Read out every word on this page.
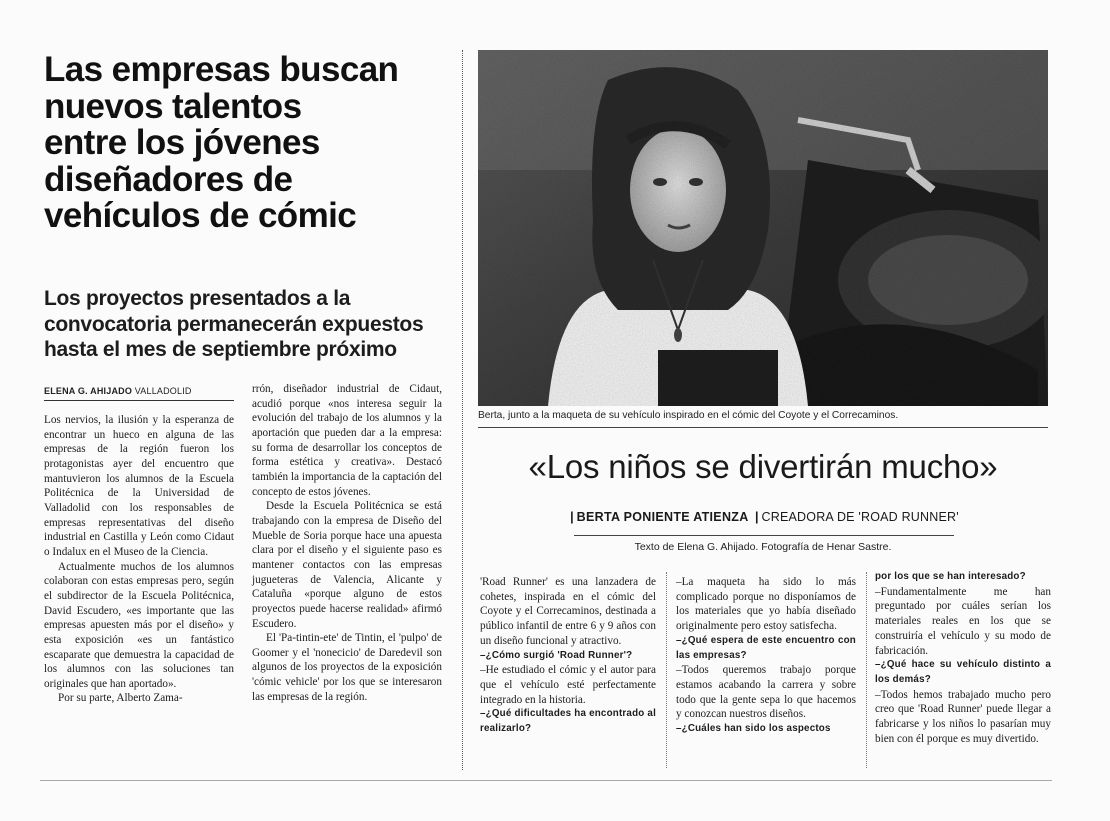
Las empresas buscan
nuevos talentos
entre los jóvenes
diseñadores de
vehículos de cómic
Los proyectos presentados a la
convocatoria permanecerán expuestos
hasta el mes de septiembre próximo
ELENA G. AHIJADO VALLADOLID

Los nervios, la ilusión y la esperanza de encontrar un hueco en alguna de las empresas de la región fueron los protagonistas ayer del encuentro que mantuvieron los alumnos de la Escuela Politécnica de la Universidad de Valladolid con los responsables de empresas representativas del diseño industrial en Castilla y León como Cidaut o Indalux en el Museo de la Ciencia.

Actualmente muchos de los alumnos colaboran con estas empresas pero, según el subdirector de la Escuela Politécnica, David Escudero, «es importante que las empresas apuesten más por el diseño» y esta exposición «es un fantástico escaparate que demuestra la capacidad de los alumnos con las soluciones tan originales que han aportado».

Por su parte, Alberto Zama-

rrón, diseñador industrial de Cidaut, acudió porque «nos interesa seguir la evolución del trabajo de los alumnos y la aportación que pueden dar a la empresa: su forma de desarrollar los conceptos de forma estética y creativa». Destacó también la importancia de la captación del concepto de estos jóvenes.

Desde la Escuela Politécnica se está trabajando con la empresa de Diseño del Mueble de Soria porque hace una apuesta clara por el diseño y el siguiente paso es mantener contactos con las empresas jugueteras de Valencia, Alicante y Cataluña «porque alguno de estos proyectos puede hacerse realidad» afirmó Escudero.

El 'Pa-tintin-ete' de Tintin, el 'pulpo' de Goomer y el 'nonecicio' de Daredevil son algunos de los proyectos de la exposición 'cómic vehicle' por los que se interesaron las empresas de la región.

Berta, junto a la maqueta de su vehículo inspirado en el cómic del Coyote y el Correcaminos.
«Los niños se divertirán mucho»
| BERTA PONIENTE ATIENZA | CREADORA DE 'ROAD RUNNER'
Texto de Elena G. Ahijado. Fotografía de Henar Sastre.

'Road Runner' es una lanzadera de cohetes, inspirada en el cómic del Coyote y el Correcaminos, destinada a público infantil de entre 6 y 9 años con un diseño funcional y atractivo.

–¿Cómo surgió 'Road Runner'?

–He estudiado el cómic y el autor para que el vehículo esté perfectamente integrado en la historia.

–¿Qué dificultades ha encontrado al realizarlo?

–La maqueta ha sido lo más complicado porque no disponíamos de los materiales que yo había diseñado originalmente pero estoy satisfecha.

–¿Qué espera de este encuentro con las empresas?

–Todos queremos trabajo porque estamos acabando la carrera y sobre todo que la gente sepa lo que hacemos y conozcan nuestros diseños.

–¿Cuáles han sido los aspectos

por los que se han interesado?

–Fundamentalmente me han preguntado por cuáles serían los materiales reales en los que se construiría el vehículo y su modo de fabricación.

–¿Qué hace su vehículo distinto a los demás?

–Todos hemos trabajado mucho pero creo que 'Road Runner' puede llegar a fabricarse y los niños lo pasarían muy bien con él porque es muy divertido.
